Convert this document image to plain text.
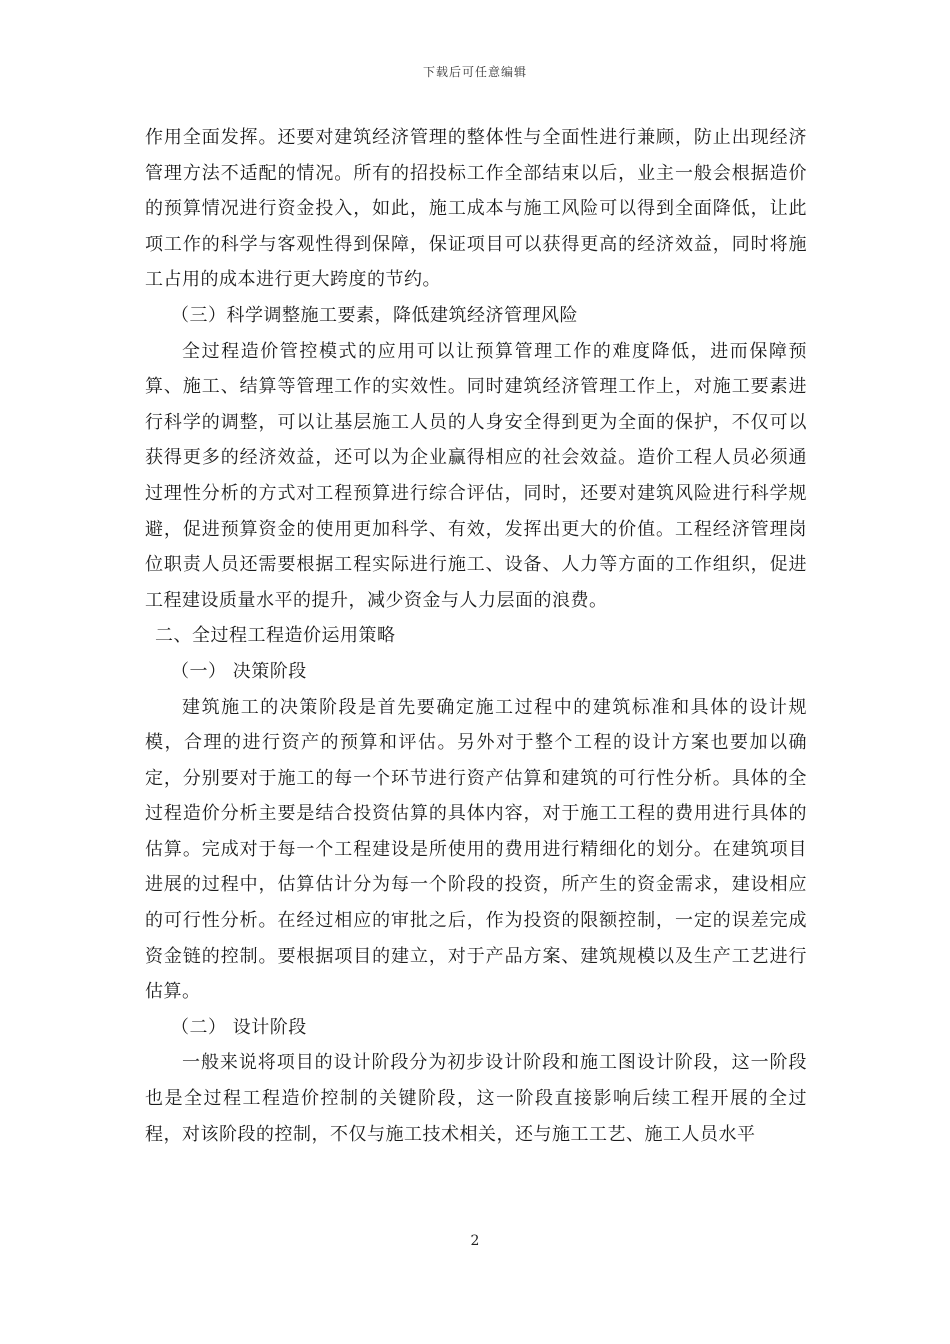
下载后可任意编辑

作用全面发挥。还要对建筑经济管理的整体性与全面性进行兼顾，防止出现经济管理方法不适配的情况。所有的招投标工作全部结束以后，业主一般会根据造价的预算情况进行资金投入，如此，施工成本与施工风险可以得到全面降低，让此项工作的科学与客观性得到保障，保证项目可以获得更高的经济效益，同时将施工占用的成本进行更大跨度的节约。

（三）科学调整施工要素，降低建筑经济管理风险

全过程造价管控模式的应用可以让预算管理工作的难度降低，进而保障预算、施工、结算等管理工作的实效性。同时建筑经济管理工作上，对施工要素进行科学的调整，可以让基层施工人员的人身安全得到更为全面的保护，不仅可以获得更多的经济效益，还可以为企业赢得相应的社会效益。造价工程人员必须通过理性分析的方式对工程预算进行综合评估，同时，还要对建筑风险进行科学规避，促进预算资金的使用更加科学、有效，发挥出更大的价值。工程经济管理岗位职责人员还需要根据工程实际进行施工、设备、人力等方面的工作组织，促进工程建设质量水平的提升，减少资金与人力层面的浪费。

二、全过程工程造价运用策略

（一） 决策阶段

建筑施工的决策阶段是首先要确定施工过程中的建筑标准和具体的设计规模，合理的进行资产的预算和评估。另外对于整个工程的设计方案也要加以确定，分别要对于施工的每一个环节进行资产估算和建筑的可行性分析。具体的全过程造价分析主要是结合投资估算的具体内容，对于施工工程的费用进行具体的估算。完成对于每一个工程建设是所使用的费用进行精细化的划分。在建筑项目进展的过程中，估算估计分为每一个阶段的投资，所产生的资金需求，建设相应的可行性分析。在经过相应的审批之后，作为投资的限额控制，一定的误差完成资金链的控制。要根据项目的建立，对于产品方案、建筑规模以及生产工艺进行估算。

（二） 设计阶段

一般来说将项目的设计阶段分为初步设计阶段和施工图设计阶段，这一阶段也是全过程工程造价控制的关键阶段，这一阶段直接影响后续工程开展的全过程，对该阶段的控制，不仅与施工技术相关，还与施工工艺、施工人员水平

2
